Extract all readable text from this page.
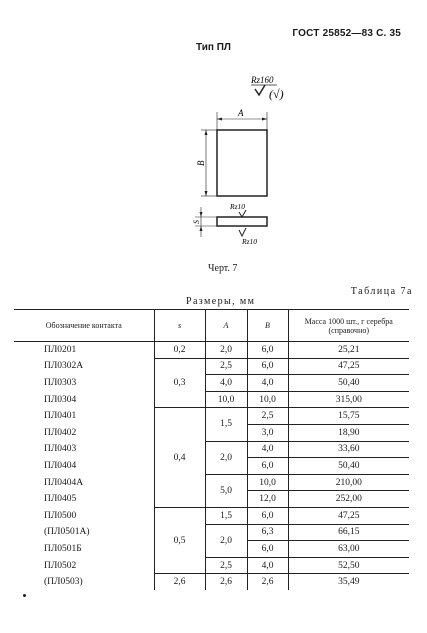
ГОСТ 25852—83 С. 35
Тип ПЛ
Rz160
(√)
A
B
Rz10
S
Rz10
Черт. 7
Таблица 7а
Размеры, мм
Обозначение контакта	s	A	B	Масса 1000 шт., г серебра (справочно)
ПЛ0201	0,2	2,0	6,0	25,21
ПЛ0302А	0,3	2,5	6,0	47,25
ПЛ0303		4,0	4,0	50,40
ПЛ0304		10,0	10,0	315,00
ПЛ0401	0,4	1,5	2,5	15,75
ПЛ0402			3,0	18,90
ПЛ0403		2,0	4,0	33,60
ПЛ0404			6,0	50,40
ПЛ0404А		5,0	10,0	210,00
ПЛ0405			12,0	252,00
ПЛ0500	0,5	1,5	6,0	47,25
(ПЛ0501А)		2,0	6,3	66,15
ПЛ0501Б			6,0	63,00
ПЛ0502		2,5	4,0	52,50
(ПЛ0503)	2,6	2,6	2,6	35,49
